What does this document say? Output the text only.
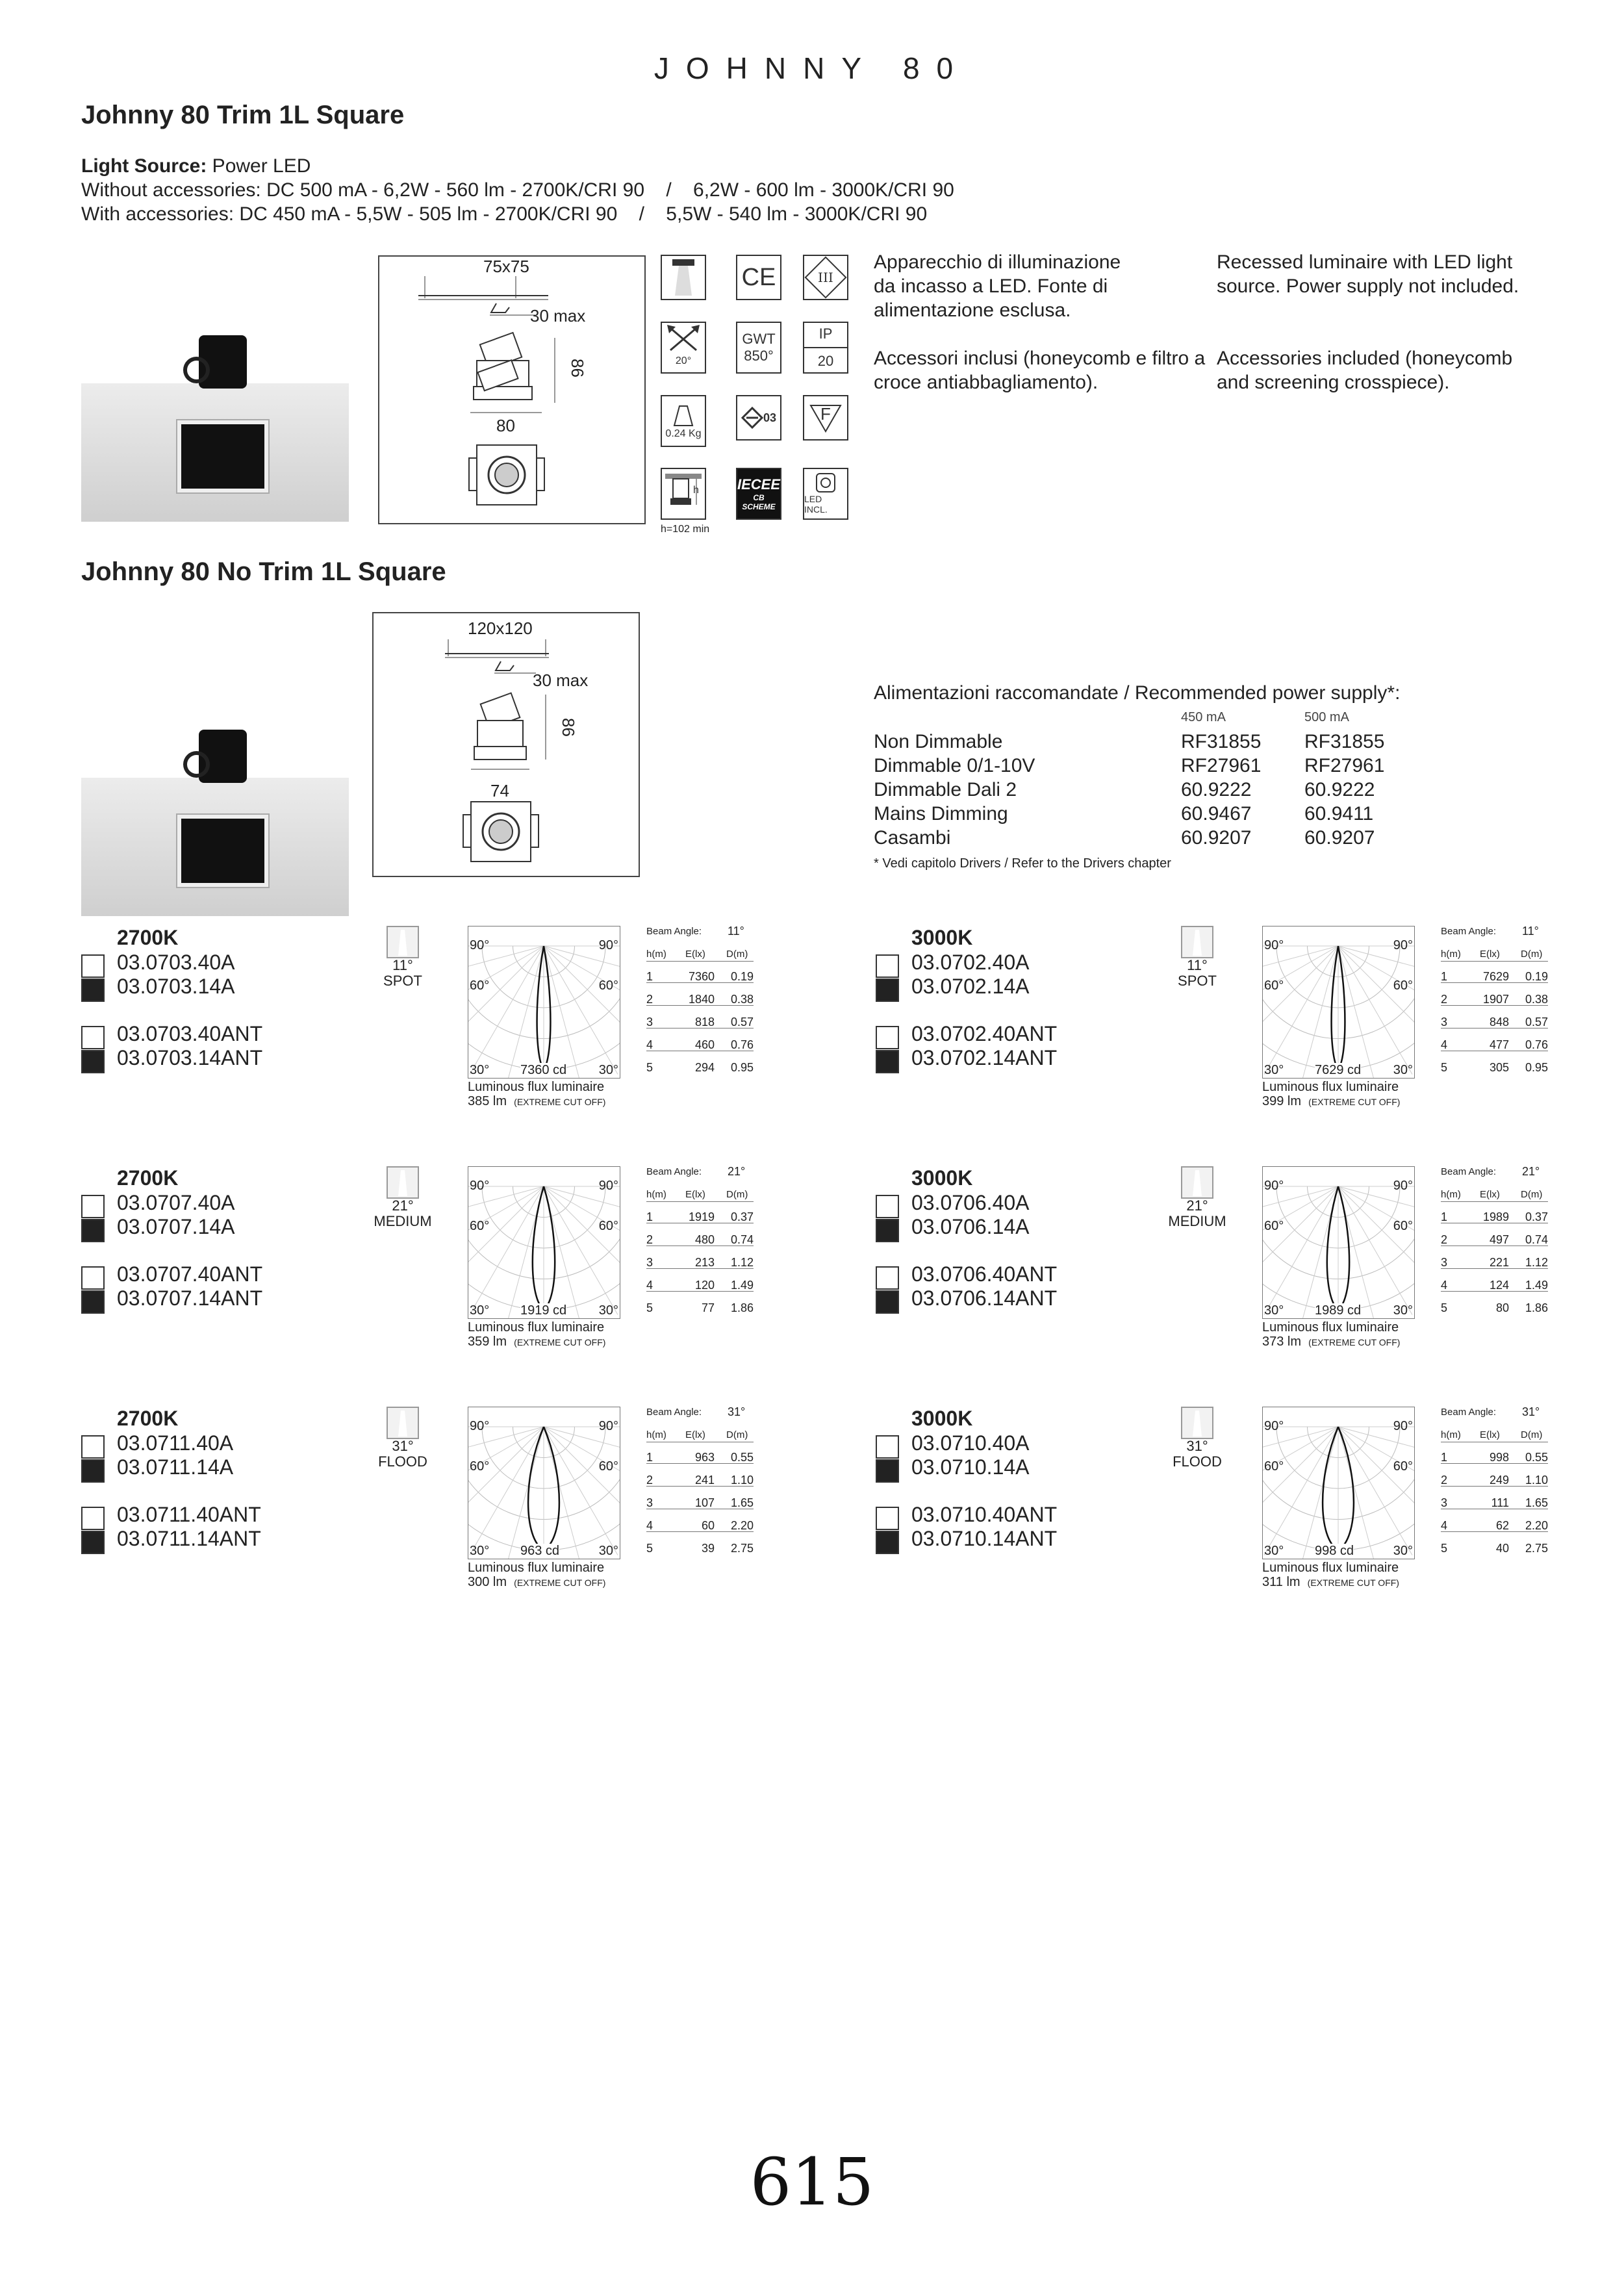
JOHNNY 80
Johnny 80 Trim 1L Square
Light Source: Power LED
Without accessories: DC 500 mA - 6,2W - 560 lm - 2700K/CRI 90    /    6,2W - 600 lm - 3000K/CRI 90
With accessories: DC 450 mA - 5,5W - 505 lm - 2700K/CRI 90    /    5,5W - 540 lm - 3000K/CRI 90
75x75
30 max
86
80
CE	III
20°
GWT
850°
IP
20
0.24 Kg
03	F
h
h=102 min
IECEE
CB
SCHEME
LED INCL.
Apparecchio di illuminazione da incasso a LED. Fonte di alimentazione esclusa.
Recessed luminaire with LED light source. Power supply not included.
Accessori inclusi (honeycomb e filtro a croce antiabbagliamento).
Accessories included (honeycomb and screening crosspiece).
Johnny 80 No Trim 1L Square
120x120
30 max
86
74
Alimentazioni raccomandate / Recommended power supply*:
450 mA	500 mA
Non Dimmable	RF31855 RF31855
Dimmable 0/1-10V	RF27961 RF27961
Dimmable Dali 2	60.9222	60.9222
Mains Dimming	60.9467	60.9411
Casambi	60.9207	60.9207
* Vedi capitolo Drivers / Refer to the Drivers chapter
2700K
03.0703.40A
03.0703.14A
03.0703.40ANT
03.0703.14ANT
11°
SPOT
90°	90°
60°	60°
30°	30°
7360 cd
Luminous flux luminaire
385 lm (EXTREME CUT OFF)
Beam Angle: 11°
h(m) E(lx) D(m)
1	7360	0.19
2	1840	0.38
3	818	0.57
4	460	0.76
5	294	0.95
3000K
03.0702.40A
03.0702.14A
03.0702.40ANT
03.0702.14ANT
11°
SPOT
90°	90°
60°	60°
30°	30°
7629 cd
Luminous flux luminaire
399 lm (EXTREME CUT OFF)
Beam Angle: 11°
h(m) E(lx) D(m)
1	7629	0.19
2	1907	0.38
3	848	0.57
4	477	0.76
5	305	0.95
2700K
03.0707.40A
03.0707.14A
03.0707.40ANT
03.0707.14ANT
21°
MEDIUM
90°	90°
60°	60°
30°	30°
1919 cd
Luminous flux luminaire
359 lm (EXTREME CUT OFF)
Beam Angle: 21°
h(m) E(lx) D(m)
1	1919	0.37
2	480	0.74
3	213	1.12
4	120	1.49
5	77	1.86
3000K
03.0706.40A
03.0706.14A
03.0706.40ANT
03.0706.14ANT
21°
MEDIUM
90°	90°
60°	60°
30°	30°
1989 cd
Luminous flux luminaire
373 lm (EXTREME CUT OFF)
Beam Angle: 21°
h(m) E(lx) D(m)
1	1989	0.37
2	497	0.74
3	221	1.12
4	124	1.49
5	80	1.86
2700K
03.0711.40A
03.0711.14A
03.0711.40ANT
03.0711.14ANT
31°
FLOOD
90°	90°
60°	60°
30°	30°
963 cd
Luminous flux luminaire
300 lm (EXTREME CUT OFF)
Beam Angle: 31°
h(m) E(lx) D(m)
1	963	0.55
2	241	1.10
3	107	1.65
4	60	2.20
5	39	2.75
3000K
03.0710.40A
03.0710.14A
03.0710.40ANT
03.0710.14ANT
31°
FLOOD
90°	90°
60°	60°
30°	30°
998 cd
Luminous flux luminaire
311 lm (EXTREME CUT OFF)
Beam Angle: 31°
h(m) E(lx) D(m)
1	998	0.55
2	249	1.10
3	111	1.65
4	62	2.20
5	40	2.75
615
